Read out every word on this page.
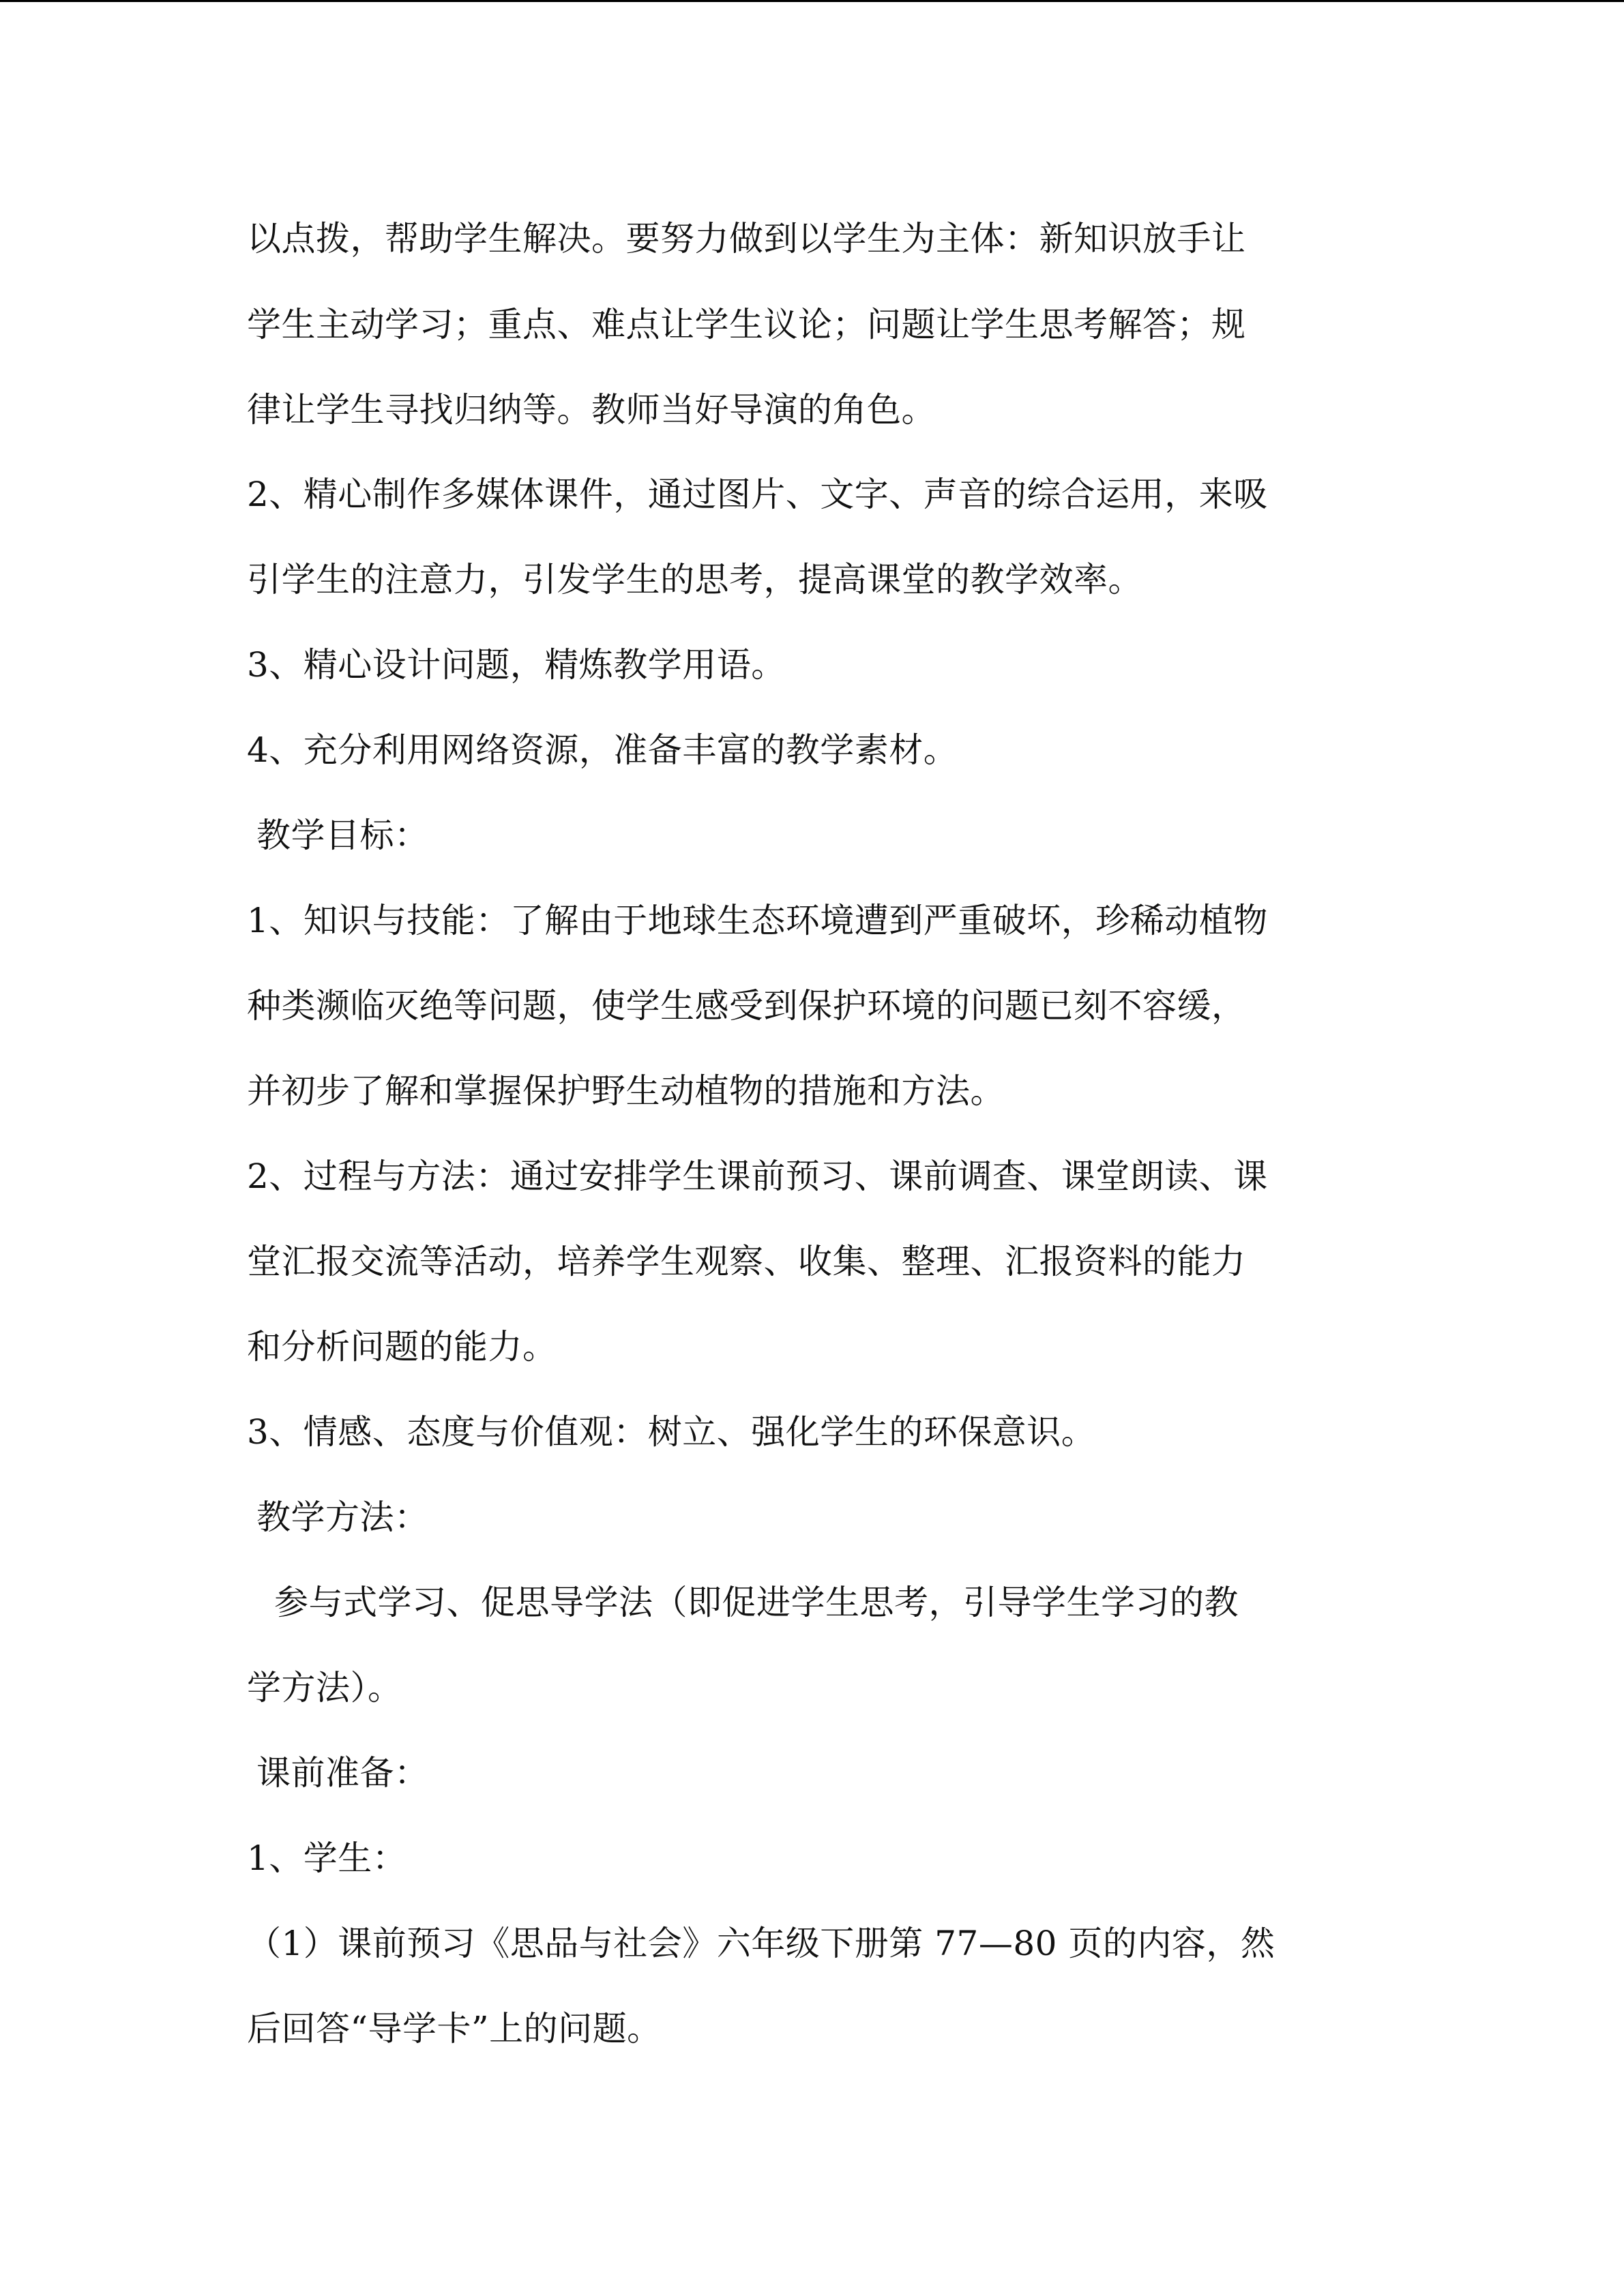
以点拨，帮助学生解决。要努力做到以学生为主体：新知识放手让
学生主动学习；重点、难点让学生议论；问题让学生思考解答；规
律让学生寻找归纳等。教师当好导演的角色。
2、精心制作多媒体课件，通过图片、文字、声音的综合运用，来吸
引学生的注意力，引发学生的思考，提高课堂的教学效率。
3、精心设计问题，精炼教学用语。
4、充分利用网络资源，准备丰富的教学素材。
教学目标：
1、知识与技能：了解由于地球生态环境遭到严重破坏，珍稀动植物
种类濒临灭绝等问题，使学生感受到保护环境的问题已刻不容缓，
并初步了解和掌握保护野生动植物的措施和方法。
2、过程与方法：通过安排学生课前预习、课前调查、课堂朗读、课
堂汇报交流等活动，培养学生观察、收集、整理、汇报资料的能力
和分析问题的能力。
3、情感、态度与价值观：树立、强化学生的环保意识。
教学方法：
参与式学习、促思导学法（即促进学生思考，引导学生学习的教
学方法）。
课前准备：
1、学生：
（1）课前预习《思品与社会》六年级下册第 77—80 页的内容，然
后回答“导学卡”上的问题。
